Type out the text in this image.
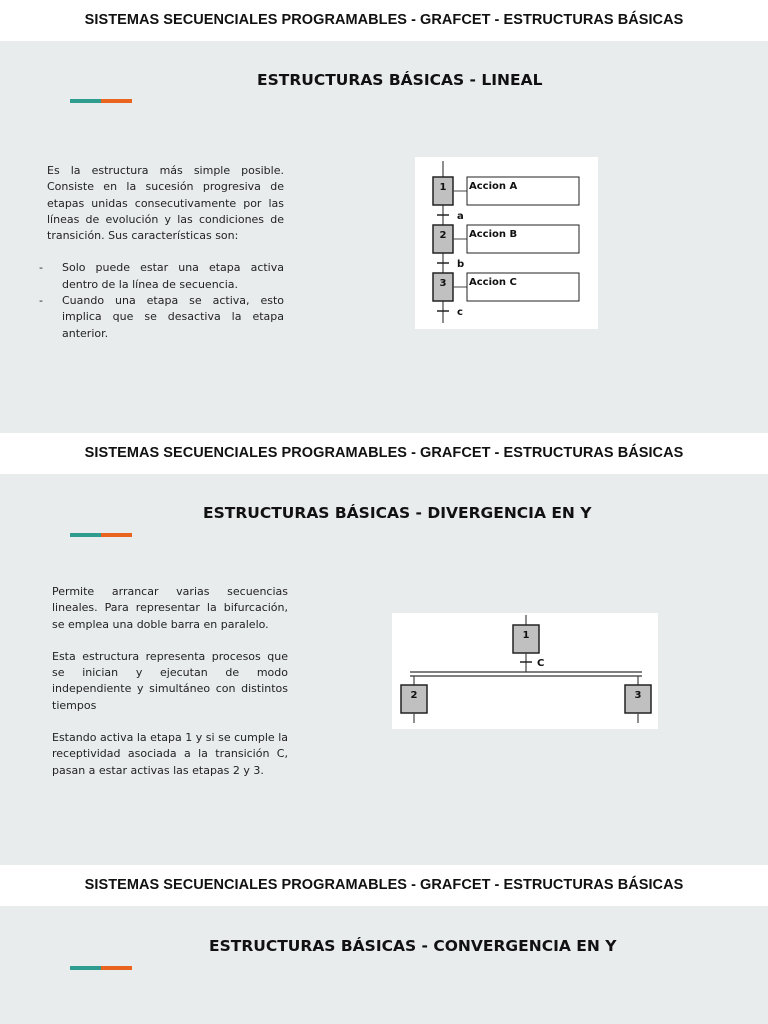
SISTEMAS SECUENCIALES PROGRAMABLES - GRAFCET - ESTRUCTURAS BÁSICAS
ESTRUCTURAS BÁSICAS - LINEAL

Es la estructura más simple posible. Consiste en la sucesión progresiva de etapas unidas consecutivamente por las líneas de evolución y las condiciones de transición. Sus características son:

- Solo puede estar una etapa activa dentro de la línea de secuencia.
- Cuando una etapa se activa, esto implica que se desactiva la etapa anterior.
1 Accion A
a
2 Accion B
b
3 Accion C
c
SISTEMAS SECUENCIALES PROGRAMABLES - GRAFCET - ESTRUCTURAS BÁSICAS
ESTRUCTURAS BÁSICAS - DIVERGENCIA EN Y

Permite arrancar varias secuencias lineales. Para representar la bifurcación, se emplea una doble barra en paralelo.

Esta estructura representa procesos que se inician y ejecutan de modo independiente y simultáneo con distintos tiempos

Estando activa la etapa 1 y si se cumple la receptividad asociada a la transición C, pasan a estar activas las etapas 2 y 3.

1
C
2	3
SISTEMAS SECUENCIALES PROGRAMABLES - GRAFCET - ESTRUCTURAS BÁSICAS
ESTRUCTURAS BÁSICAS - CONVERGENCIA EN Y
